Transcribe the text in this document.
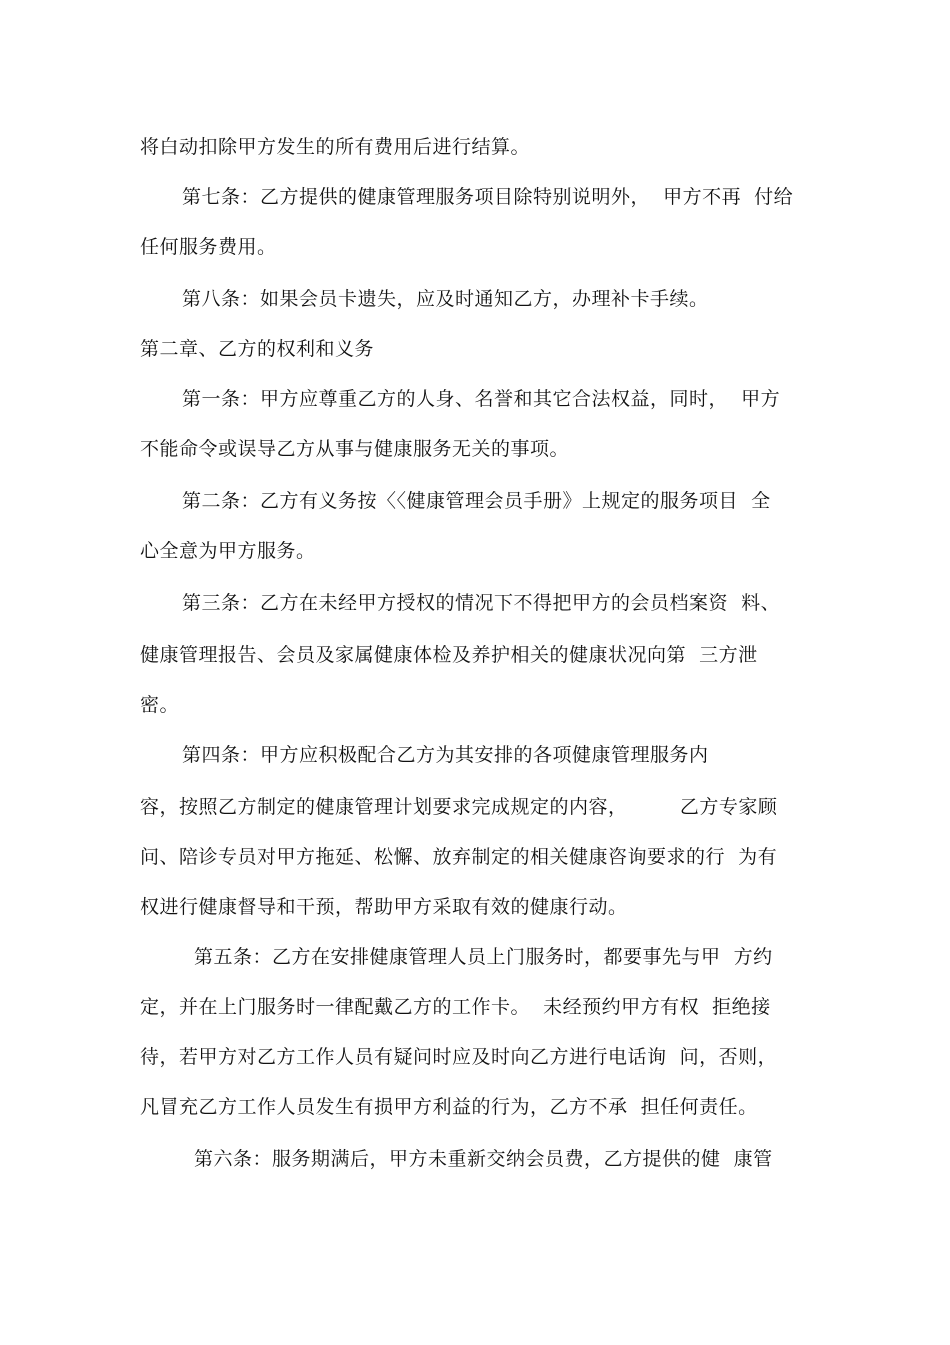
将白动扣除甲方发生的所有费用后进行结算。
第七条：乙方提供的健康管理服务项目除特别说明外，  甲方不再  付给
任何服务费用。
第八条：如果会员卡遗失，应及时通知乙方，办理补卡手续。
第二章、乙方的权利和义务
第一条：甲方应尊重乙方的人身、名誉和其它合法权益，同时，  甲方
不能命令或误导乙方从事与健康服务无关的事项。
第二条：乙方有义务按〈〈健康管理会员手册》上规定的服务项目  全
心全意为甲方服务。
第三条：乙方在未经甲方授权的情况下不得把甲方的会员档案资  料、
健康管理报告、会员及家属健康体检及养护相关的健康状况向第  三方泄
密。
第四条：甲方应积极配合乙方为其安排的各项健康管理服务内
容，按照乙方制定的健康管理计划要求完成规定的内容，        乙方专家顾
问、陪诊专员对甲方拖延、松懈、放弃制定的相关健康咨询要求的行  为有
权进行健康督导和干预，帮助甲方采取有效的健康行动。
第五条：乙方在安排健康管理人员上门服务时，都要事先与甲  方约
定，并在上门服务时一律配戴乙方的工作卡。  未经预约甲方有权  拒绝接
待，若甲方对乙方工作人员有疑问时应及时向乙方进行电话询  问，否则，
凡冒充乙方工作人员发生有损甲方利益的行为，乙方不承  担任何责任。
第六条：服务期满后，甲方未重新交纳会员费，乙方提供的健  康管
